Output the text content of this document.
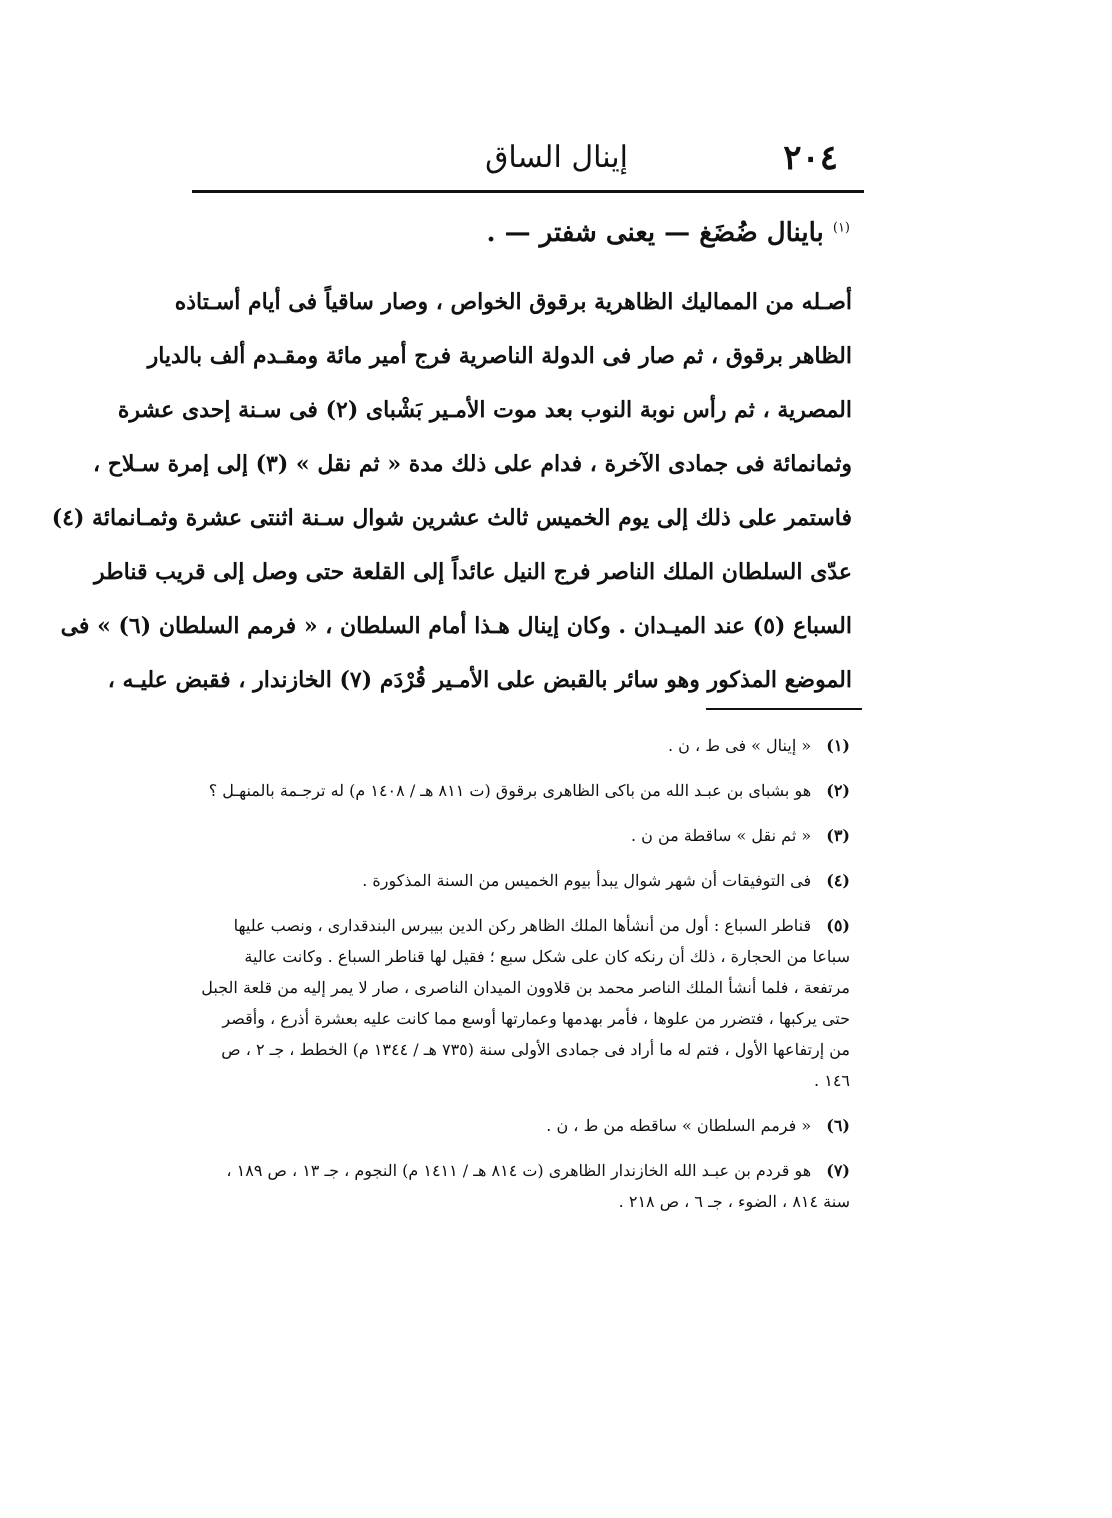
٢٠٤
إينال الساق
$^{(١)}$ باينال ضُضَغ — يعنى شفتر — .
أصـله من المماليك الظاهرية برقوق الخواص ، وصار ساقياً فى أيام أسـتاذه
الظاهر برقوق ، ثم صار فى الدولة الناصرية فرج أمير مائة ومقـدم ألف بالديار
المصرية ، ثم رأس نوبة النوب بعد موت الأمـير بَشْباى (٢) فى سـنة إحدى عشرة
وثمانمائة فى جمادى الآخرة ، فدام على ذلك مدة « ثم نقل » (٣) إلى إمرة سـلاح ،
فاستمر على ذلك إلى يوم الخميس ثالث عشرين شوال سـنة اثنتى عشرة وثمـانمائة (٤)
عدّى السلطان الملك الناصر فرج النيل عائداً إلى القلعة حتى وصل إلى قريب قناطر
السباع (٥) عند الميـدان . وكان إينال هـذا أمام السلطان ، « فرمم السلطان (٦) » فى
الموضع المذكور وهو سائر بالقبض على الأمـير قُرْدَم (٧) الخازندار ، فقبض عليـه ،
(١) « إينال » فى ط ، ن .
(٢) هو بشباى بن عبـد الله من باكى الظاهرى برقوق (ت ٨١١ هـ / ١٤٠٨ م) له ترجـمة بالمنهـل ؟
(٣) « ثم نقل » ساقطة من ن .
(٤) فى التوفيقات أن شهر شوال يبدأ بيوم الخميس من السنة المذكورة .
(٥) قناطر السباع : أول من أنشأها الملك الظاهر ركن الدين بيبرس البندقدارى ، ونصب عليها سباعا من الحجارة ، ذلك أن رنكه كان على شكل سبع ؛ فقيل لها قناطر السباع . وكانت عالية مرتفعة ، فلما أنشأ الملك الناصر محمد بن قلاوون الميدان الناصرى ، صار لا يمر إليه من قلعة الجبل حتى يركبها ، فتضرر من علوها ، فأمر بهدمها وعمارتها أوسع مما كانت عليه بعشرة أذرع ، وأقصر من إرتفاعها الأول ، فتم له ما أراد فى جمادى الأولى سنة (٧٣٥ هـ / ١٣٤٤ م) الخطط ، جـ ٢ ، ص ١٤٦ .
(٦) « فرمم السلطان » ساقطه من ط ، ن .
(٧) هو قردم بن عبـد الله الخازندار الظاهرى (ت ٨١٤ هـ / ١٤١١ م) النجوم ، جـ ١٣ ، ص ١٨٩ ، سنة ٨١٤ ، الضوء ، جـ ٦ ، ص ٢١٨ .
